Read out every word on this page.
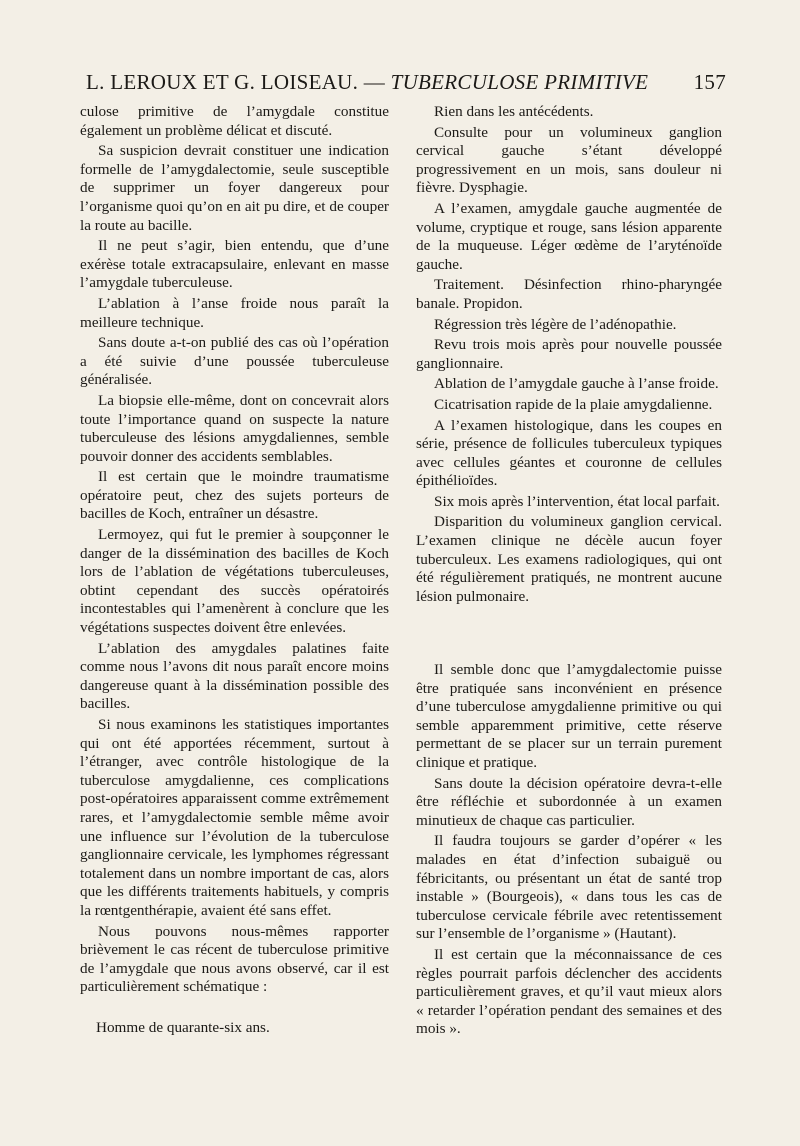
L. LEROUX ET G. LOISEAU. — TUBERCULOSE PRIMITIVE 157

culose primitive de l’amygdale constitue également un problème délicat et discuté.

Sa suspicion devrait constituer une indication formelle de l’amygdalectomie, seule susceptible de supprimer un foyer dangereux pour l’organisme quoi qu’on en ait pu dire, et de couper la route au bacille.

Il ne peut s’agir, bien entendu, que d’une exérèse totale extracapsulaire, enlevant en masse l’amygdale tuberculeuse.

L’ablation à l’anse froide nous paraît la meilleure technique.

Sans doute a-t-on publié des cas où l’opération a été suivie d’une poussée tuberculeuse généralisée.

La biopsie elle-même, dont on concevrait alors toute l’importance quand on suspecte la nature tuberculeuse des lésions amygdaliennes, semble pouvoir donner des accidents semblables.

Il est certain que le moindre traumatisme opératoire peut, chez des sujets porteurs de bacilles de Koch, entraîner un désastre.

Lermoyez, qui fut le premier à soupçonner le danger de la dissémination des bacilles de Koch lors de l’ablation de végétations tuberculeuses, obtint cependant des succès opératoirés incontestables qui l’amenèrent à conclure que les végétations suspectes doivent être enlevées.

L’ablation des amygdales palatines faite comme nous l’avons dit nous paraît encore moins dangereuse quant à la dissémination possible des bacilles.

Si nous examinons les statistiques importantes qui ont été apportées récemment, surtout à l’étranger, avec contrôle histologique de la tuberculose amygdalienne, ces complications post-opératoires apparaissent comme extrêmement rares, et l’amygdalectomie semble même avoir une influence sur l’évolution de la tuberculose ganglionnaire cervicale, les lymphomes régressant totalement dans un nombre important de cas, alors que les différents traitements habituels, y compris la rœntgenthérapie, avaient été sans effet.

Nous pouvons nous-mêmes rapporter brièvement le cas récent de tuberculose primitive de l’amygdale que nous avons observé, car il est particulièrement schématique :

Homme de quarante-six ans.

Rien dans les antécédents.

Consulte pour un volumineux ganglion cervical gauche s’étant développé progressivement en un mois, sans douleur ni fièvre. Dysphagie.

A l’examen, amygdale gauche augmentée de volume, cryptique et rouge, sans lésion apparente de la muqueuse. Léger œdème de l’aryténoïde gauche.

Traitement. Désinfection rhino-pharyngée banale. Propidon.

Régression très légère de l’adénopathie.

Revu trois mois après pour nouvelle poussée ganglionnaire.

Ablation de l’amygdale gauche à l’anse froide.

Cicatrisation rapide de la plaie amygdalienne.

A l’examen histologique, dans les coupes en série, présence de follicules tuberculeux typiques avec cellules géantes et couronne de cellules épithélioïdes.

Six mois après l’intervention, état local parfait.

Disparition du volumineux ganglion cervical. L’examen clinique ne décèle aucun foyer tuberculeux. Les examens radiologiques, qui ont été régulièrement pratiqués, ne montrent aucune lésion pulmonaire.

Il semble donc que l’amygdalectomie puisse être pratiquée sans inconvénient en présence d’une tuberculose amygdalienne primitive ou qui semble apparemment primitive, cette réserve permettant de se placer sur un terrain purement clinique et pratique.

Sans doute la décision opératoire devra-t-elle être réfléchie et subordonnée à un examen minutieux de chaque cas particulier.

Il faudra toujours se garder d’opérer « les malades en état d’infection subaiguë ou fébricitants, ou présentant un état de santé trop instable » (Bourgeois), « dans tous les cas de tuberculose cervicale fébrile avec retentissement sur l’ensemble de l’organisme » (Hautant).

Il est certain que la méconnaissance de ces règles pourrait parfois déclencher des accidents particulièrement graves, et qu’il vaut mieux alors « retarder l’opération pendant des semaines et des mois ».
